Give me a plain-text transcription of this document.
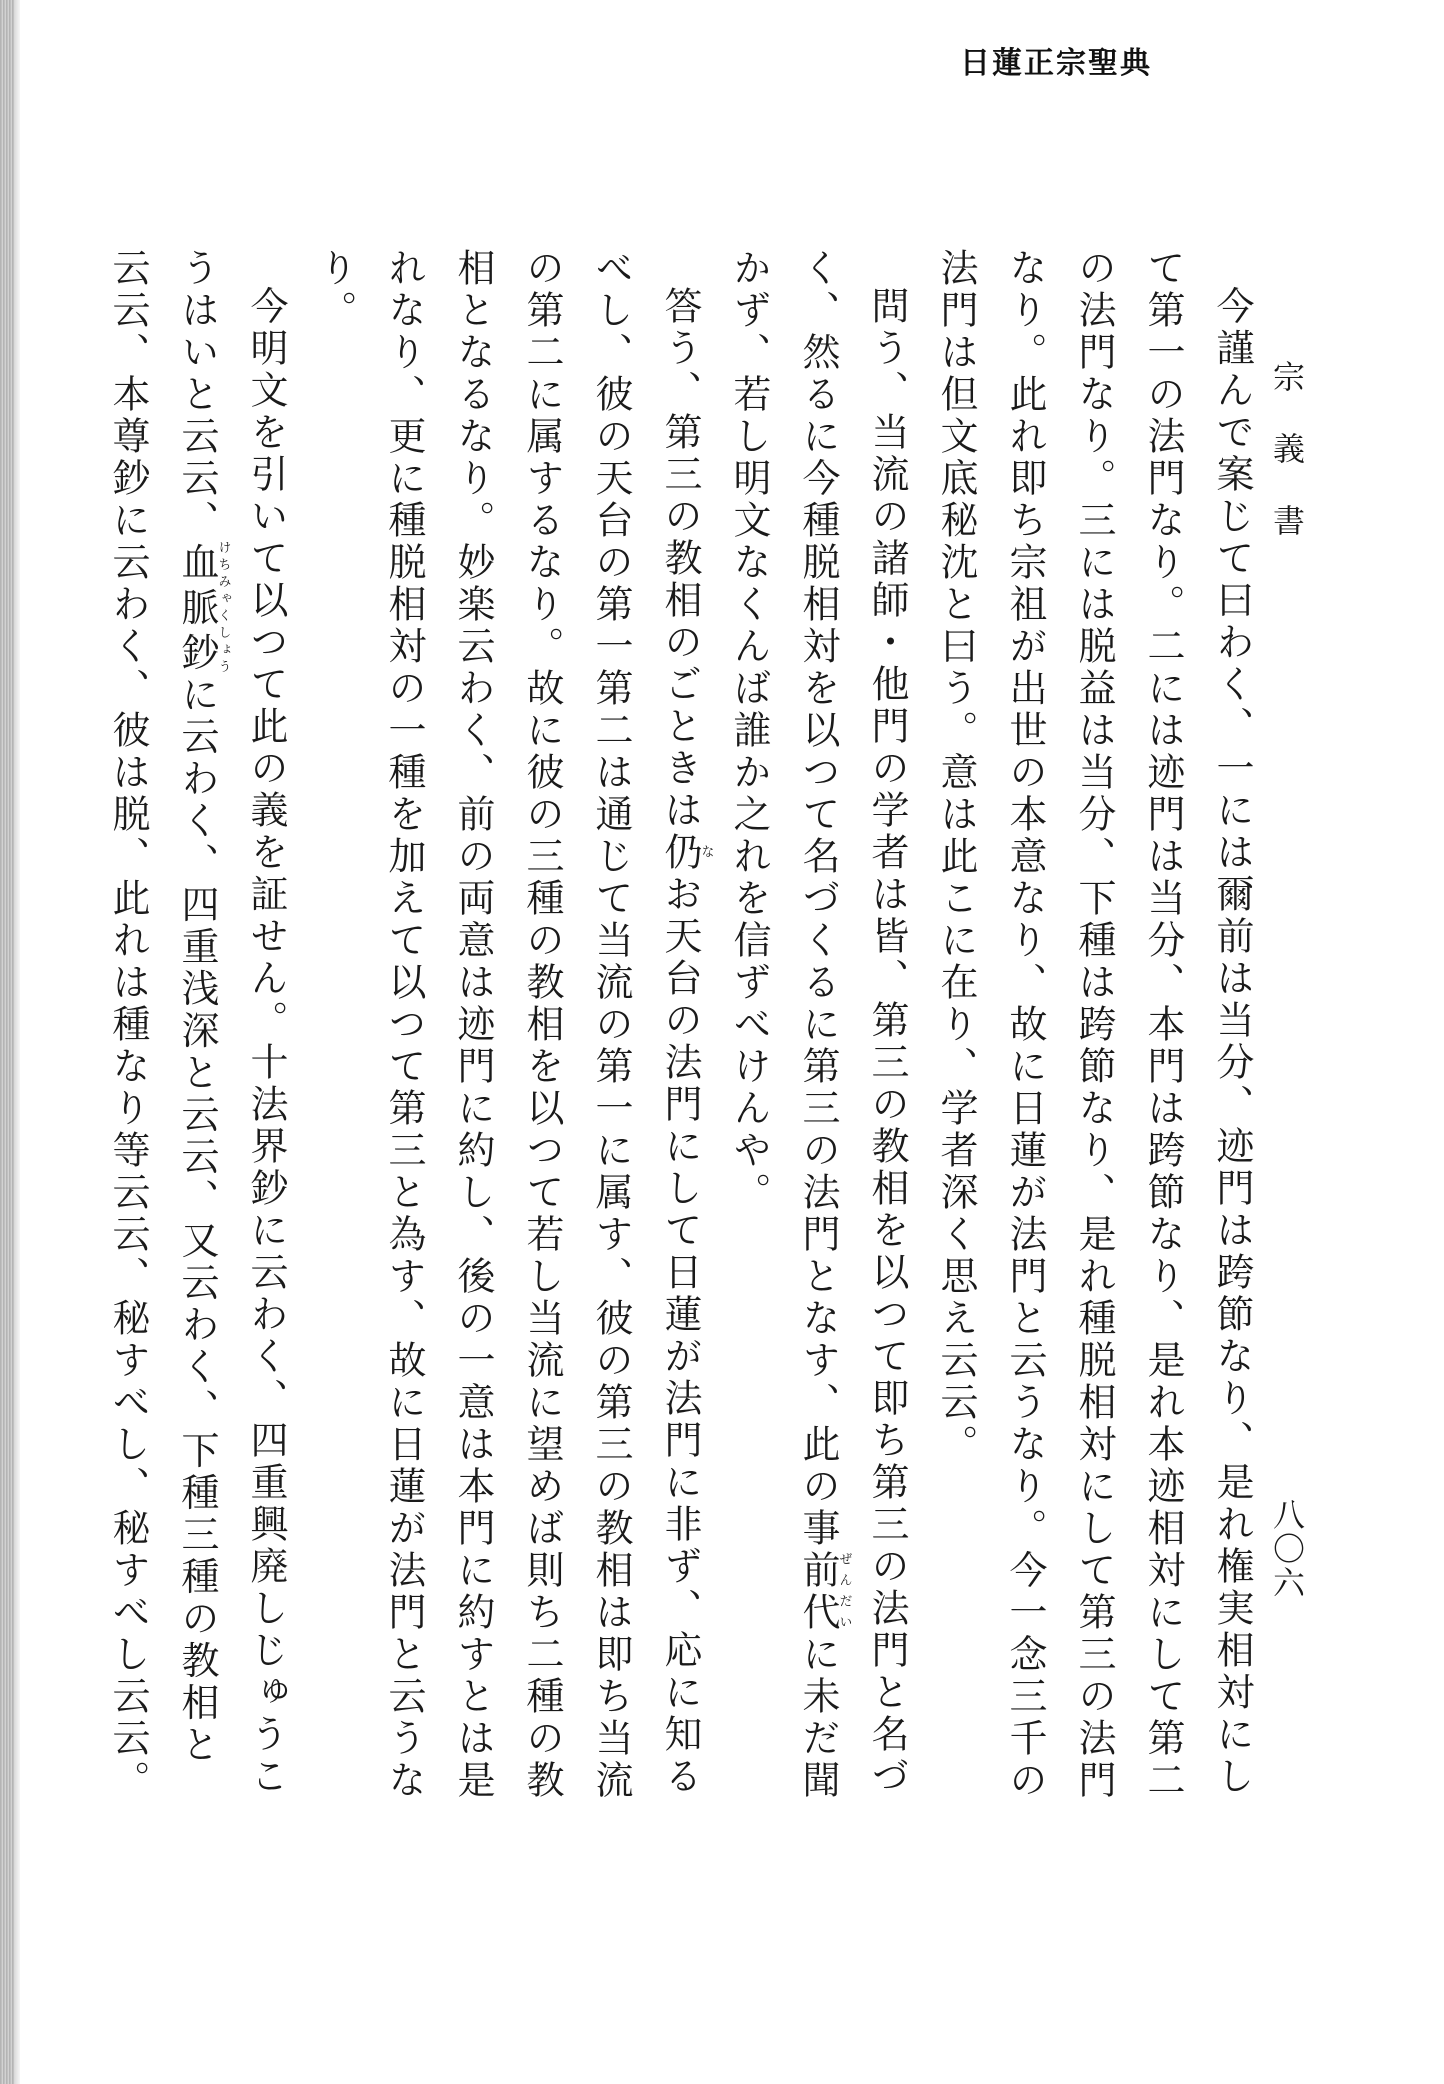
日蓮正宗聖典
宗義書
八〇六

今謹んで案じて曰わく、一には爾前は当分、迹門は跨節なり、是れ権実相対にして第一の法門なり。二には迹門は当分、本門は跨節なり、是れ本迹相対にして第二の法門なり。三には脱益は当分、下種は跨節なり、是れ種脱相対にして第三の法門なり。此れ即ち宗祖が出世の本意なり、故に日蓮が法門と云うなり。今一念三千の法門は但文底秘沈と曰う。意は此こに在り、学者深く思え云云。

問う、当流の諸師・他門の学者は皆、第三の教相を以つて即ち第三の法門と名づく、然るに今種脱相対を以つて名づくるに第三の法門となす、此の事前代ぜんだいに未だ聞かず、若し明文なくんば誰か之れを信ずべけんや。

答う、第三の教相のごときは仍なお天台の法門にして日蓮が法門に非ず、応に知るべし、彼の天台の第一第二は通じて当流の第一に属す、彼の第三の教相は即ち当流の第二に属するなり。故に彼の三種の教相を以つて若し当流に望めば則ち二種の教相となるなり。妙楽云わく、前の両意は迹門に約し、後の一意は本門に約すとは是れなり、更に種脱相対の一種を加えて以つて第三と為す、故に日蓮が法門と云うなり。

今明文を引いて以つて此の義を証せん。十法界鈔に云わく、四重興廃しじゅうこうはいと云云、血脈鈔けちみゃくしょうに云わく、四重浅深と云云、又云わく、下種三種の教相と云云、本尊鈔に云わく、彼は脱、此れは種なり等云云、秘すべし、秘すべし云云。
